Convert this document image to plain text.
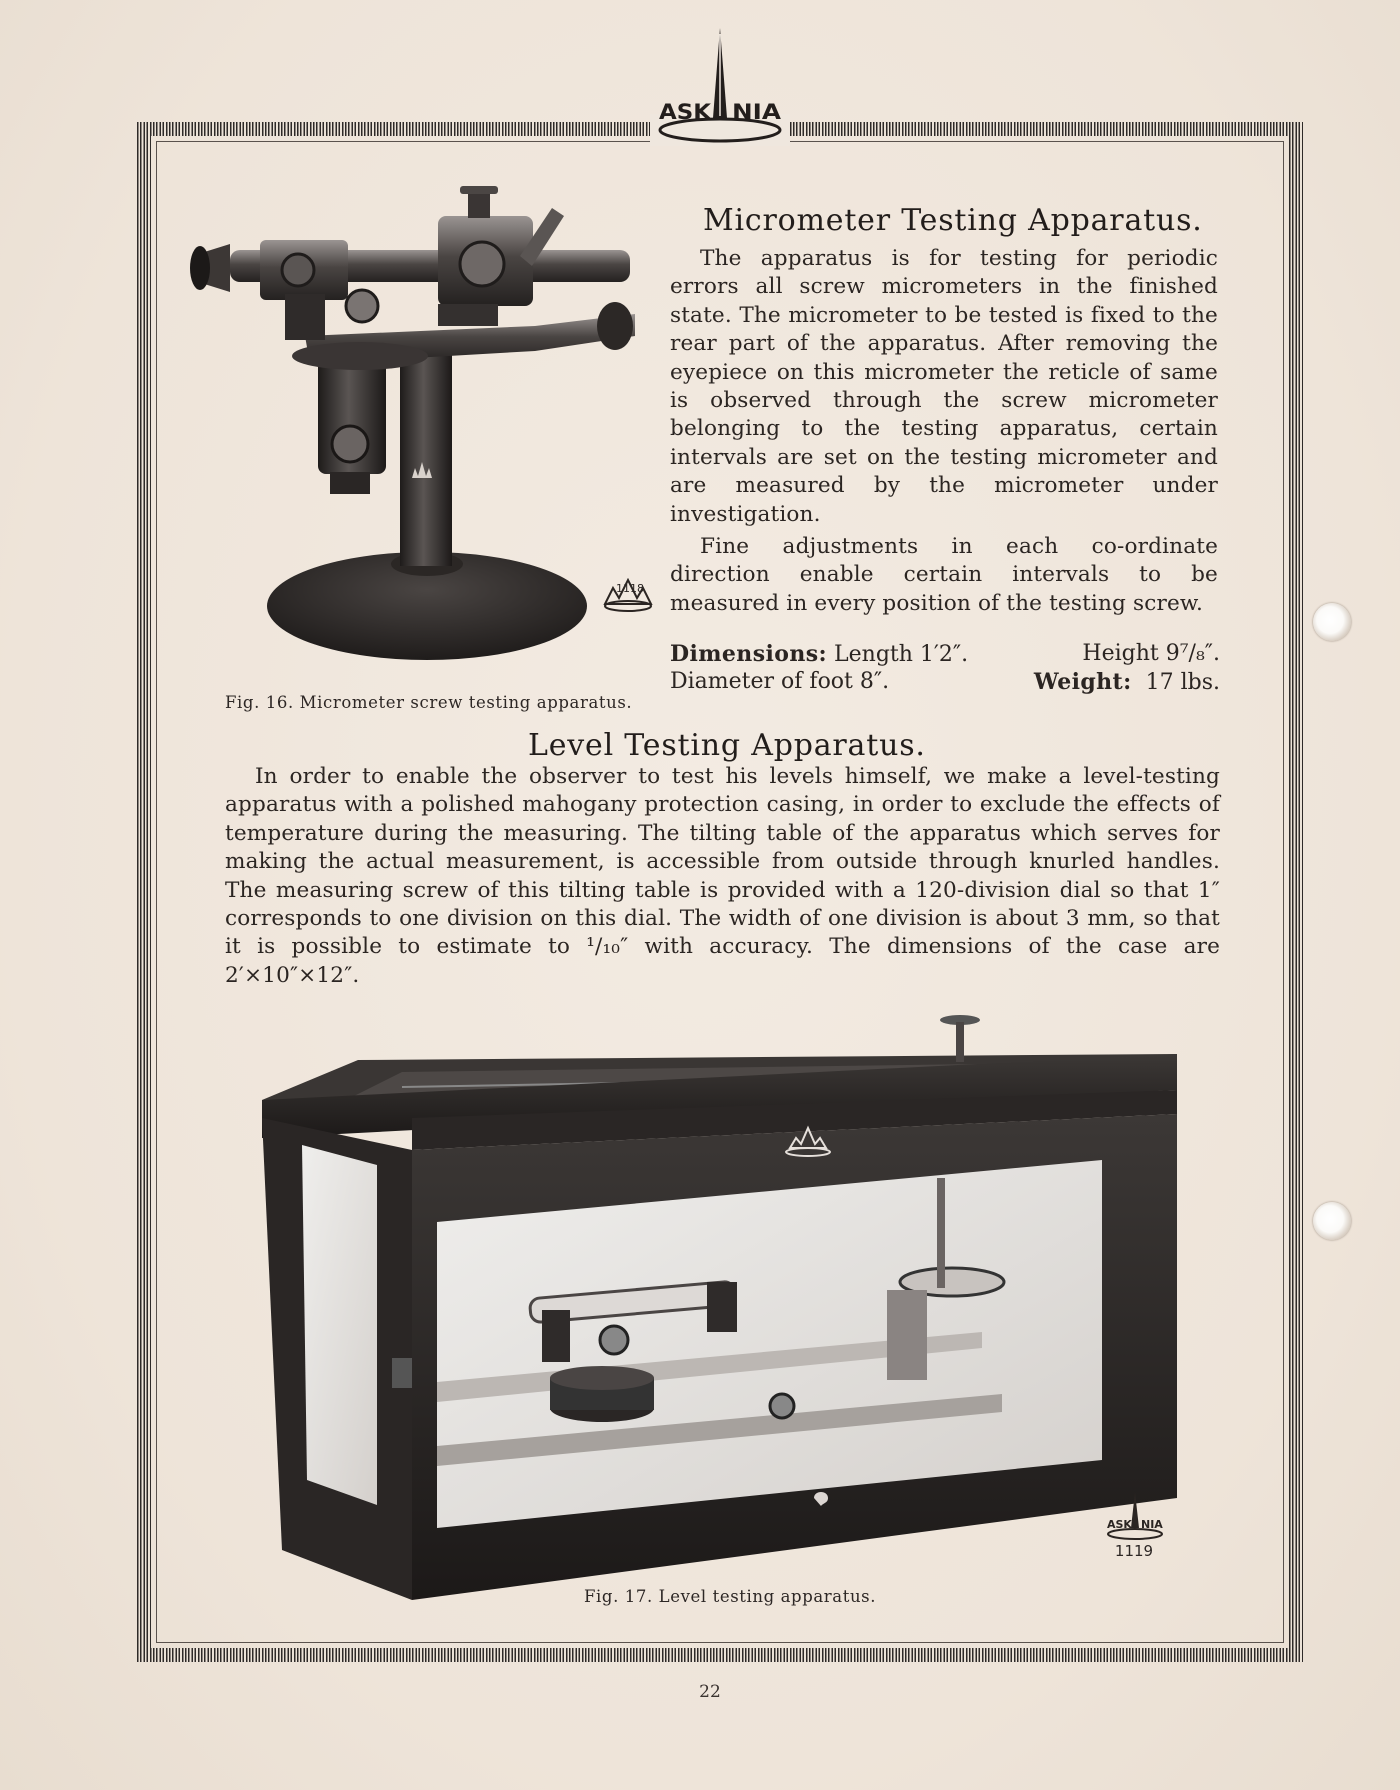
ASK NIA
1118
Fig. 16. Micrometer screw testing apparatus.
Micrometer Testing Apparatus.

The apparatus is for testing for periodic errors all screw micrometers in the finished state. The micrometer to be tested is fixed to the rear part of the apparatus. After removing the eyepiece on this micrometer the reticle of same is observed through the screw micrometer belonging to the testing apparatus, certain intervals are set on the testing micrometer and are measured by the micrometer under investigation.

Fine adjustments in each co-ordinate direction enable certain intervals to be measured in every position of the testing screw.

Dimensions: Length 1′2″.	Height 9⁷/₈″.
Diameter of foot 8″.	Weight: 17 lbs.
Level Testing Apparatus.

In order to enable the observer to test his levels himself, we make a level-testing apparatus with a polished mahogany protection casing, in order to exclude the effects of temperature during the measuring. The tilting table of the apparatus which serves for making the actual measurement, is accessible from outside through knurled handles. The measuring screw of this tilting table is provided with a 120-division dial so that 1″ corresponds to one division on this dial. The width of one division is about 3 mm, so that it is possible to estimate to ¹/₁₀″ with accuracy. The dimensions of the case are 2′×10″×12″.

1119
ASK NIA
Fig. 17. Level testing apparatus.
22
